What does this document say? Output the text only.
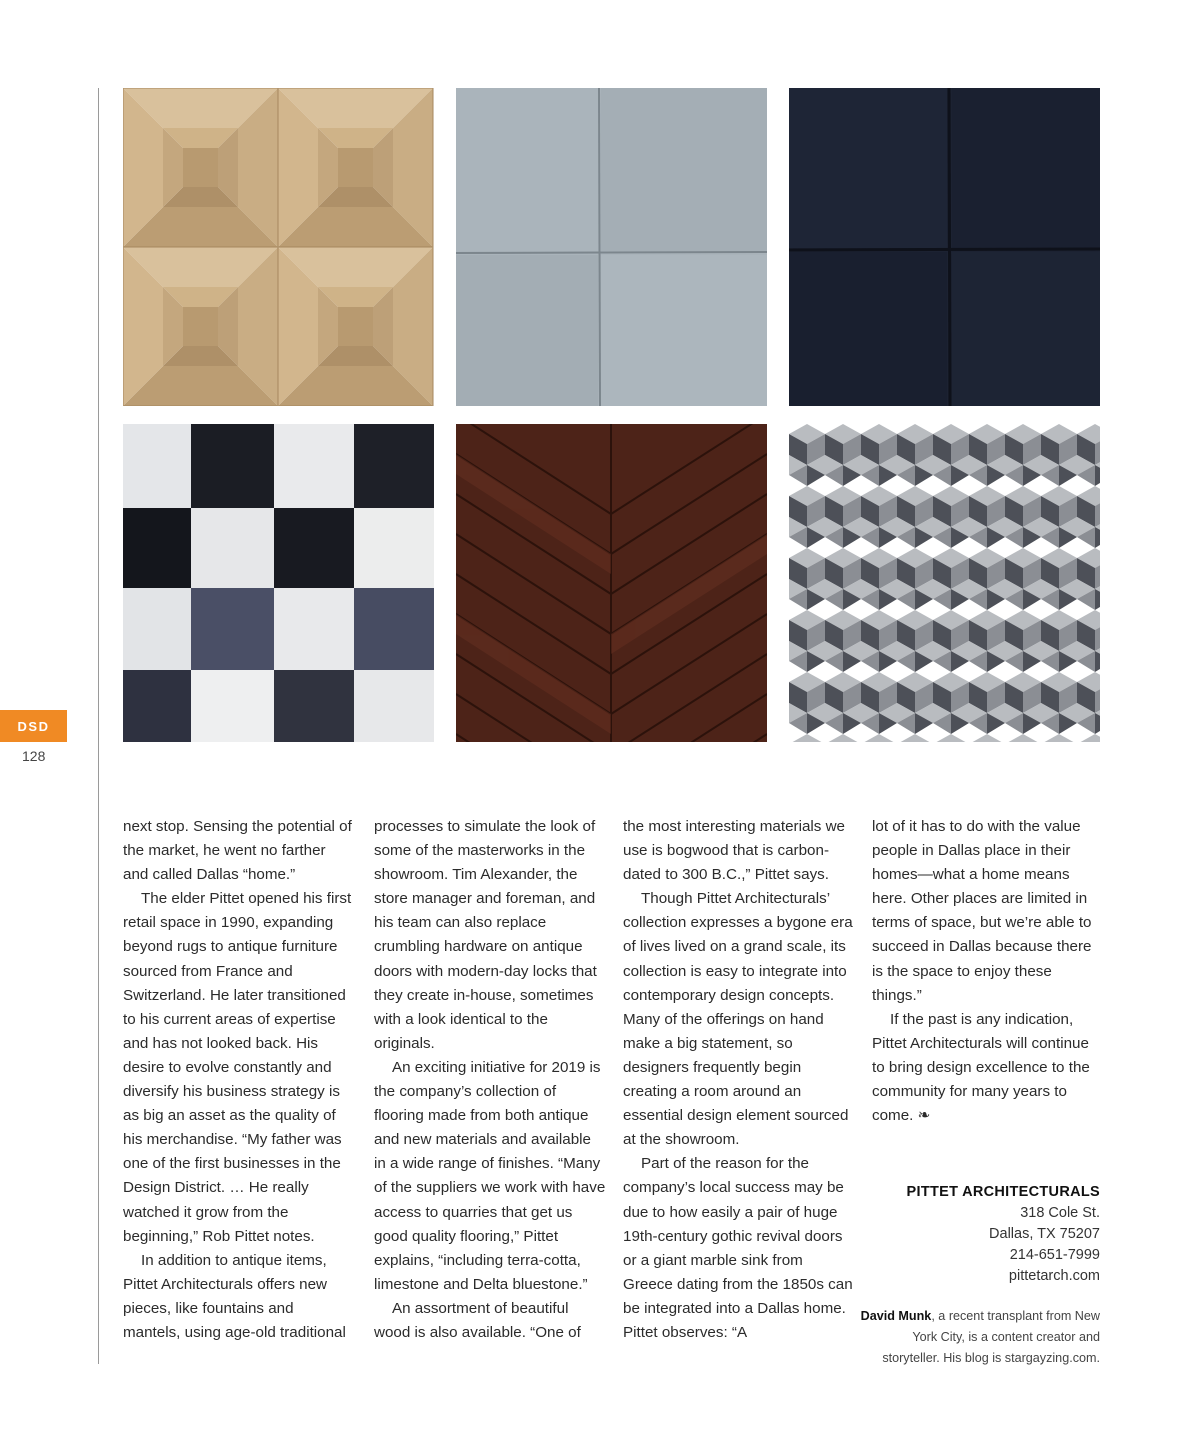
DSD
128

next stop. Sensing the potential of the market, he went no farther and called Dallas “home.”

The elder Pittet opened his first retail space in 1990, expanding beyond rugs to antique furniture sourced from France and Switzerland. He later transitioned to his current areas of expertise and has not looked back. His desire to evolve constantly and diversify his business strategy is as big an asset as the quality of his merchandise. “My father was one of the first businesses in the Design District. … He really watched it grow from the beginning,” Rob Pittet notes.

In addition to antique items, Pittet Architecturals offers new pieces, like fountains and mantels, using age-old traditional

processes to simulate the look of some of the masterworks in the showroom. Tim Alexander, the store manager and foreman, and his team can also replace crumbling hardware on antique doors with modern-day locks that they create in-house, sometimes with a look identical to the originals.

An exciting initiative for 2019 is the company’s collection of flooring made from both antique and new materials and available in a wide range of finishes. “Many of the suppliers we work with have access to quarries that get us good quality flooring,” Pittet explains, “including terra-cotta, limestone and Delta bluestone.”

An assortment of beautiful wood is also available. “One of

the most interesting materials we use is bogwood that is carbon-dated to 300 B.C.,” Pittet says.

Though Pittet Architecturals’ collection expresses a bygone era of lives lived on a grand scale, its collection is easy to integrate into contemporary design concepts. Many of the offerings on hand make a big statement, so designers frequently begin creating a room around an essential design element sourced at the showroom.

Part of the reason for the company’s local success may be due to how easily a pair of huge 19th-century gothic revival doors or a giant marble sink from Greece dating from the 1850s can be integrated into a Dallas home. Pittet observes: “A

lot of it has to do with the value people in Dallas place in their homes—what a home means here. Other places are limited in terms of space, but we’re able to succeed in Dallas because there is the space to enjoy these things.”

If the past is any indication, Pittet Architecturals will continue to bring design excellence to the community for many years to come. ❧

PITTET ARCHITECTURALS
318 Cole St.
Dallas, TX 75207
214-651-7999
pittetarch.com
David Munk, a recent transplant from New York City, is a content creator and storyteller. His blog is stargayzing.com.
